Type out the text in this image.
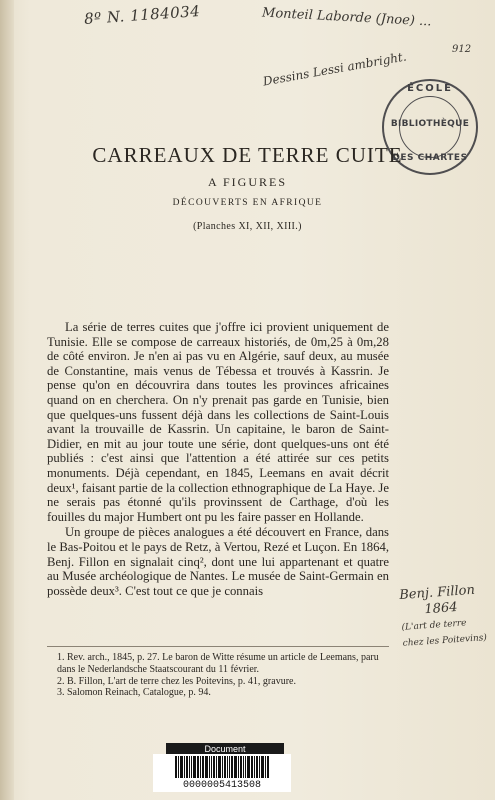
8º N. 1184034	Monteil Laborde (Jnoe) ...
912
Dessins Lessi ambright. ÉCOLE
BIBLIOTHÈQUE
DES CHARTES
CARREAUX DE TERRE CUITE
A FIGURES
DÉCOUVERTS EN AFRIQUE
(Planches XI, XII, XIII.)

La série de terres cuites que j'offre ici provient uniquement de Tunisie. Elle se compose de carreaux historiés, de 0m,25 à 0m,28 de côté environ. Je n'en ai pas vu en Algérie, sauf deux, au musée de Constantine, mais venus de Tébessa et trouvés à Kassrin. Je pense qu'on en découvrira dans toutes les provinces africaines quand on en cherchera. On n'y prenait pas garde en Tunisie, bien que quelques-uns fussent déjà dans les collections de Saint-Louis avant la trouvaille de Kassrin. Un capitaine, le baron de Saint-Didier, en mit au jour toute une série, dont quelques-uns ont été publiés : c'est ainsi que l'attention a été attirée sur ces petits monuments. Déjà cependant, en 1845, Leemans en avait décrit deux¹, faisant partie de la collection ethnographique de La Haye. Je ne serais pas étonné qu'ils provinssent de Carthage, d'où les fouilles du major Humbert ont pu les faire passer en Hollande.

Un groupe de pièces analogues a été découvert en France, dans le Bas-Poitou et le pays de Retz, à Vertou, Rezé et Luçon. En 1864, Benj. Fillon en signalait cinq², dont une lui appartenant et quatre au Musée archéologique de Nantes. Le musée de Saint-Germain en possède deux³. C'est tout ce que je connais

1. Rev. arch., 1845, p. 27. Le baron de Witte résume un article de Leemans, paru dans le Nederlandsche Staatscourant du 11 février.
2. B. Fillon, L'art de terre chez les Poitevins, p. 41, gravure.
3. Salomon Reinach, Catalogue, p. 94.
Benj. Fillon
1864
(L'art de terre
chez les Poitevins)
Document
0000005413508
